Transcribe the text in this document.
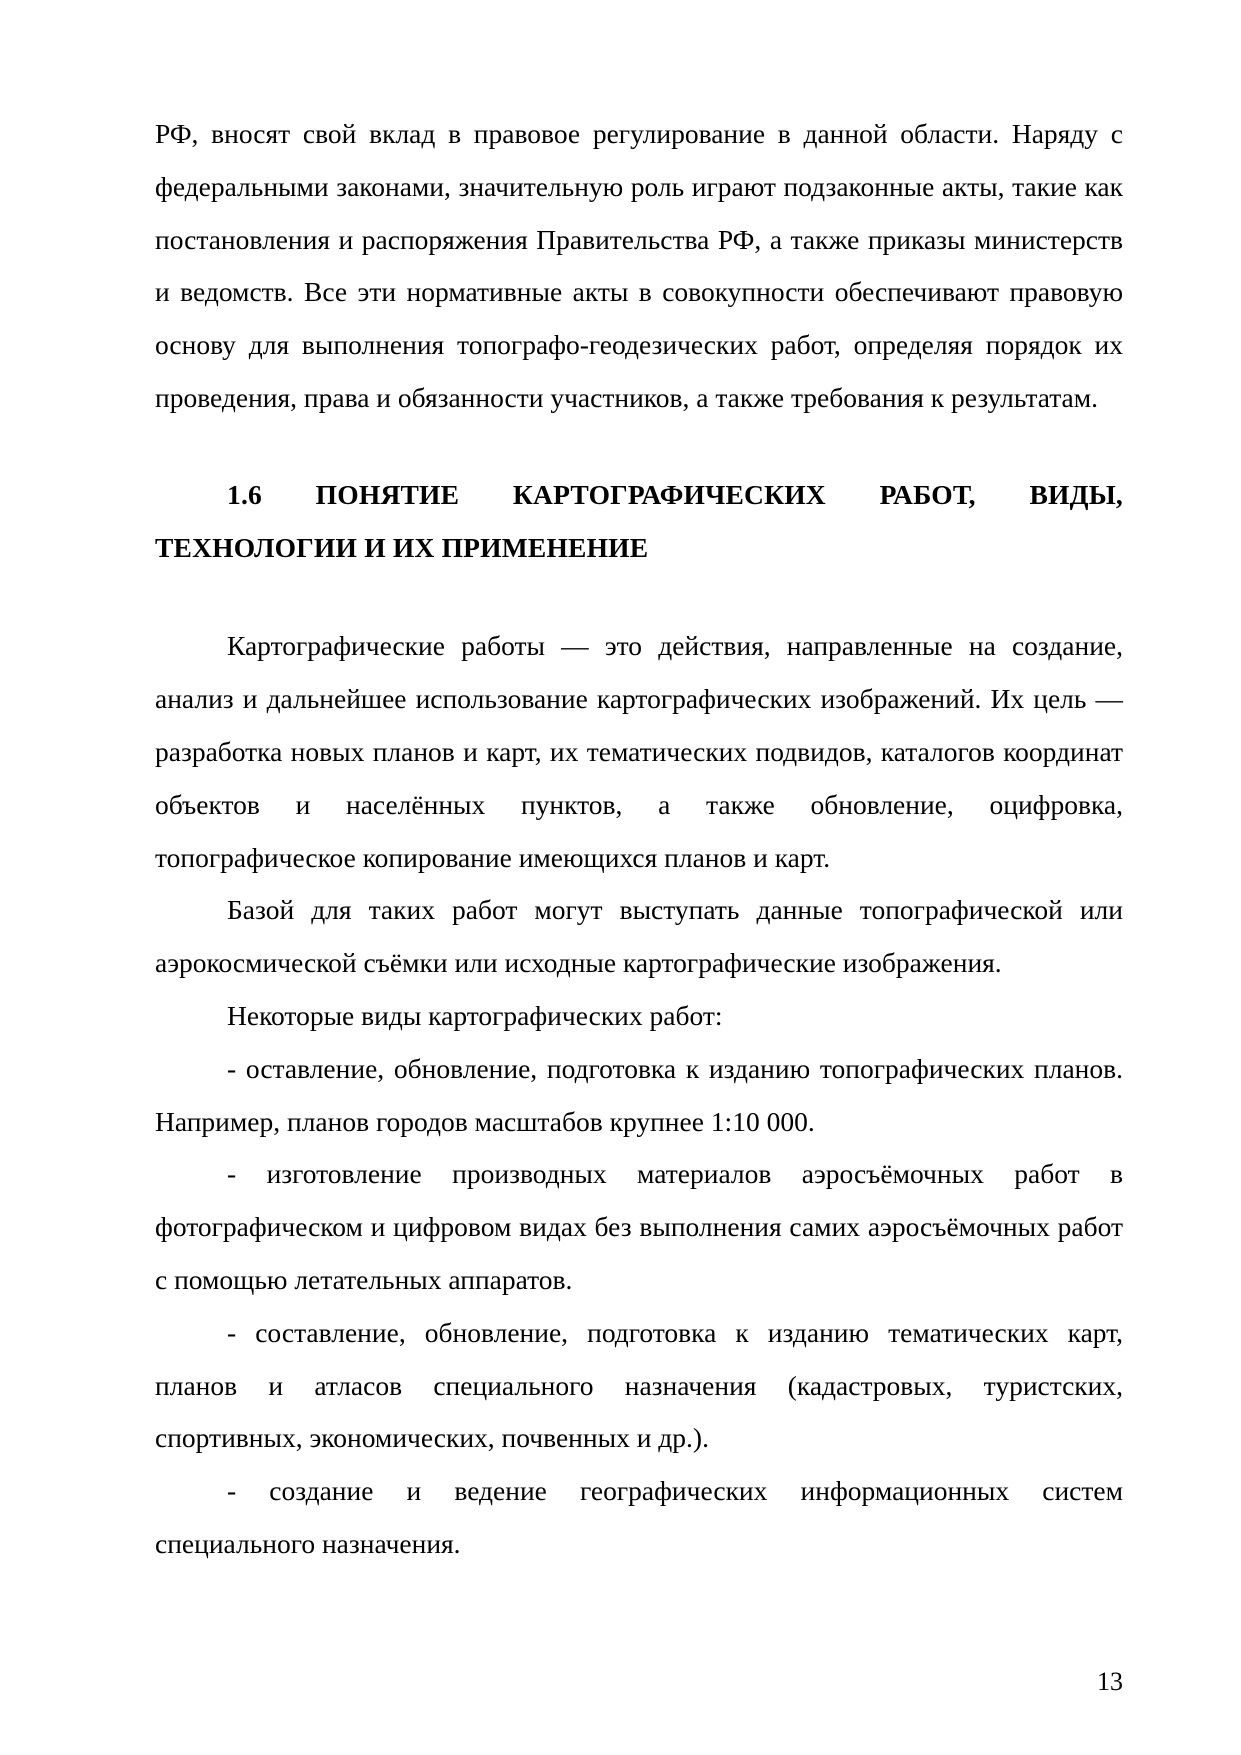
РФ, вносят свой вклад в правовое регулирование в данной области. Наряду с федеральными законами, значительную роль играют подзаконные акты, такие как постановления и распоряжения Правительства РФ, а также приказы министерств и ведомств. Все эти нормативные акты в совокупности обеспечивают правовую основу для выполнения топографо-геодезических работ, определяя порядок их проведения, права и обязанности участников, а также требования к результатам.

1.6 ПОНЯТИЕ КАРТОГРАФИЧЕСКИХ РАБОТ, ВИДЫ, ТЕХНОЛОГИИ И ИХ ПРИМЕНЕНИЕ

Картографические работы — это действия, направленные на создание, анализ и дальнейшее использование картографических изображений. Их цель — разработка новых планов и карт, их тематических подвидов, каталогов координат объектов и населённых пунктов, а также обновление, оцифровка, топографическое копирование имеющихся планов и карт.

Базой для таких работ могут выступать данные топографической или аэрокосмической съёмки или исходные картографические изображения.

Некоторые виды картографических работ:

- оставление, обновление, подготовка к изданию топографических планов. Например, планов городов масштабов крупнее 1:10 000.

- изготовление производных материалов аэросъёмочных работ в фотографическом и цифровом видах без выполнения самих аэросъёмочных работ с помощью летательных аппаратов.

- составление, обновление, подготовка к изданию тематических карт, планов и атласов специального назначения (кадастровых, туристских, спортивных, экономических, почвенных и др.).

- создание и ведение географических информационных систем специального назначения.

13
